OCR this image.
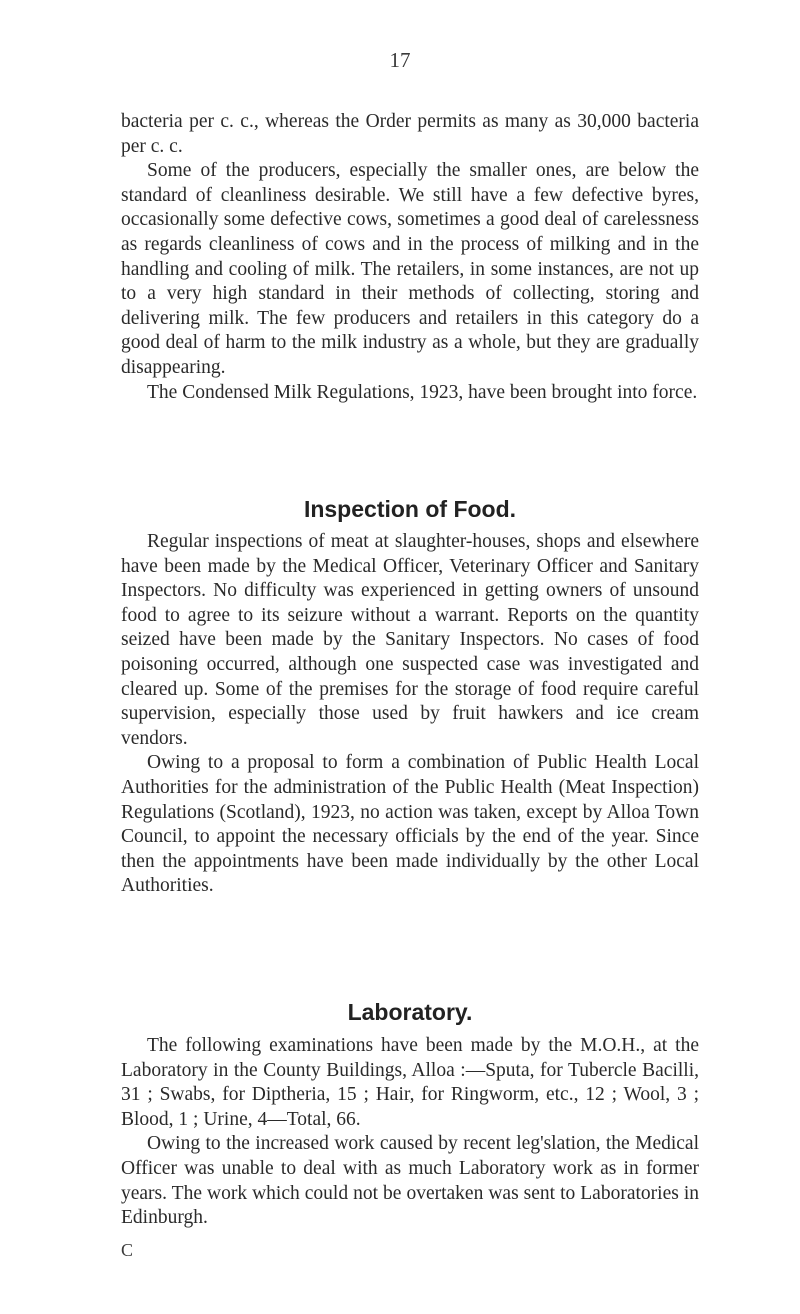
17

bacteria per c. c., whereas the Order permits as many as 30,000 bacteria per c. c.

Some of the producers, especially the smaller ones, are below the standard of cleanliness desirable. We still have a few defective byres, occasionally some defective cows, sometimes a good deal of carelessness as regards cleanliness of cows and in the process of milking and in the handling and cooling of milk. The retailers, in some instances, are not up to a very high standard in their methods of collecting, storing and delivering milk. The few producers and retailers in this category do a good deal of harm to the milk industry as a whole, but they are gradually disappearing.

The Condensed Milk Regulations, 1923, have been brought into force.

Inspection of Food.

Regular inspections of meat at slaughter-houses, shops and elsewhere have been made by the Medical Officer, Veterinary Officer and Sanitary Inspectors. No difficulty was experienced in getting owners of unsound food to agree to its seizure without a warrant. Reports on the quantity seized have been made by the Sanitary Inspectors. No cases of food poisoning occurred, although one suspected case was investigated and cleared up. Some of the premises for the storage of food require careful supervision, especially those used by fruit hawkers and ice cream vendors.

Owing to a proposal to form a combination of Public Health Local Authorities for the administration of the Public Health (Meat Inspection) Regulations (Scotland), 1923, no action was taken, except by Alloa Town Council, to appoint the necessary officials by the end of the year. Since then the appointments have been made individually by the other Local Authorities.

Laboratory.

The following examinations have been made by the M.O.H., at the Laboratory in the County Buildings, Alloa :—Sputa, for Tubercle Bacilli, 31 ; Swabs, for Diptheria, 15 ; Hair, for Ringworm, etc., 12 ; Wool, 3 ; Blood, 1 ; Urine, 4—Total, 66.

Owing to the increased work caused by recent leg'slation, the Medical Officer was unable to deal with as much Laboratory work as in former years. The work which could not be overtaken was sent to Laboratories in Edinburgh.

C
